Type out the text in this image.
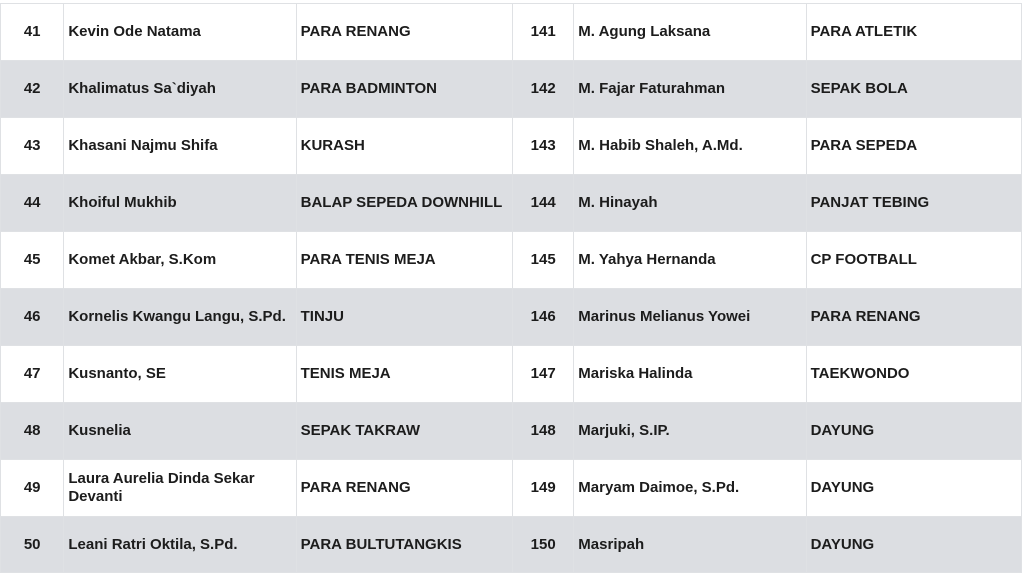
41	Kevin Ode Natama	PARA RENANG	141	M. Agung Laksana	PARA ATLETIK
42	Khalimatus Sa`diyah	PARA BADMINTON	142	M. Fajar Faturahman	SEPAK BOLA
43	Khasani Najmu Shifa	KURASH	143	M. Habib Shaleh, A.Md.	PARA SEPEDA
44	Khoiful Mukhib	BALAP SEPEDA DOWNHILL	144	M. Hinayah	PANJAT TEBING
45	Komet Akbar, S.Kom	PARA TENIS MEJA	145	M. Yahya Hernanda	CP FOOTBALL
46	Kornelis Kwangu Langu, S.Pd.	TINJU	146	Marinus Melianus Yowei	PARA RENANG
47	Kusnanto, SE	TENIS MEJA	147	Mariska Halinda	TAEKWONDO
48	Kusnelia	SEPAK TAKRAW	148	Marjuki, S.IP.	DAYUNG
49	Laura Aurelia Dinda Sekar Devanti	PARA RENANG	149	Maryam Daimoe, S.Pd.	DAYUNG
50	Leani Ratri Oktila, S.Pd.	PARA BULTUTANGKIS	150	Masripah	DAYUNG
